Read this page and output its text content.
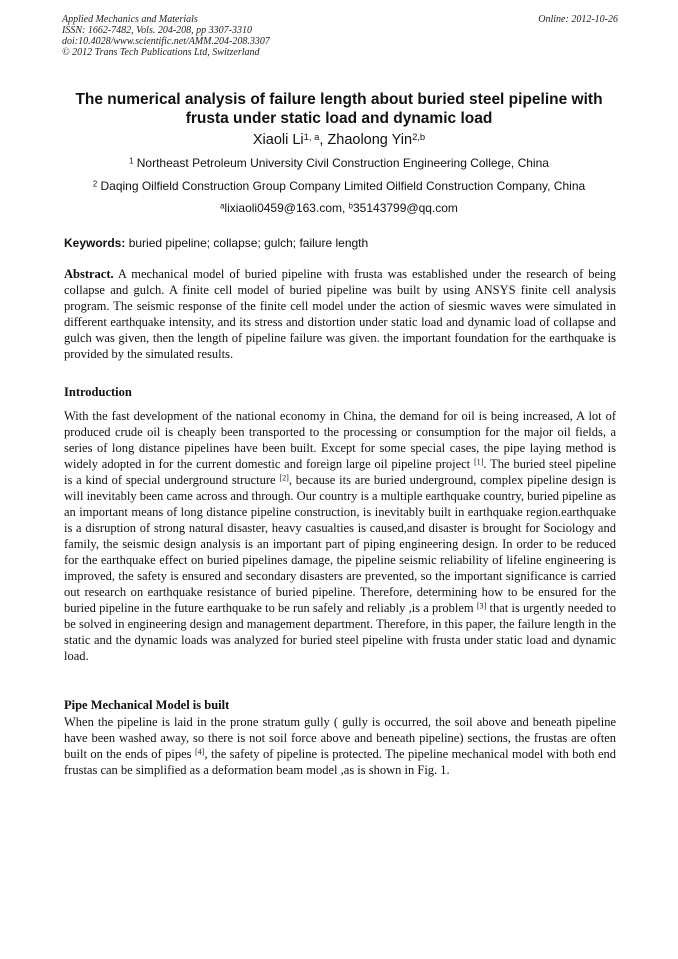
Applied Mechanics and Materials
ISSN: 1662-7482, Vols. 204-208, pp 3307-3310
doi:10.4028/www.scientific.net/AMM.204-208.3307
© 2012 Trans Tech Publications Ltd, Switzerland
Online: 2012-10-26
The numerical analysis of failure length about buried steel pipeline with
frusta under static load and dynamic load
Xiaoli Li$^{1, a}$, Zhaolong Yin$^{2,b}$
$^1$ Northeast Petroleum University Civil Construction Engineering College, China
$^2$ Daqing Oilfield Construction Group Company Limited Oilfield Construction Company, China
$^a$lixiaoli0459@163.com, $^b$35143799@qq.com
Keywords: buried pipeline; collapse; gulch; failure length
Abstract. A mechanical model of buried pipeline with frusta was established under the research of being collapse and gulch. A finite cell model of buried pipeline was built by using ANSYS finite cell analysis program. The seismic response of the finite cell model under the action of siesmic waves were simulated in different earthquake intensity, and its stress and distortion under static load and dynamic load of collapse and gulch was given, then the length of pipeline failure was given. the important foundation for the earthquake is provided by the simulated results.
Introduction
With the fast development of the national economy in China, the demand for oil is being increased, A lot of produced crude oil is cheaply been transported to the processing or consumption for the major oil fields, a series of long distance pipelines have been built. Except for some special cases, the pipe laying method is widely adopted in for the current domestic and foreign large oil pipeline project [1]. The buried steel pipeline is a kind of special underground structure [2], because its are buried underground, complex pipeline design is will inevitably been came across and through. Our country is a multiple earthquake country, buried pipeline as an important means of long distance pipeline construction, is inevitably built in earthquake region.earthquake is a disruption of strong natural disaster, heavy casualties is caused,and disaster is brought for Sociology and family, the seismic design analysis is an important part of piping engineering design. In order to be reduced for the earthquake effect on buried pipelines damage, the pipeline seismic reliability of lifeline engineering is improved, the safety is ensured and secondary disasters are prevented, so the important significance is carried out research on earthquake resistance of buried pipeline. Therefore, determining how to be ensured for the buried pipeline in the future earthquake to be run safely and reliably ,is a problem [3] that is urgently needed to be solved in engineering design and management department. Therefore, in this paper, the failure length in the static and the dynamic loads was analyzed for buried steel pipeline with frusta under static load and dynamic load.
Pipe Mechanical Model is built
When the pipeline is laid in the prone stratum gully ( gully is occurred, the soil above and beneath pipeline have been washed away, so there is not soil force above and beneath pipeline) sections, the frustas are often built on the ends of pipes [4], the safety of pipeline is protected. The pipeline mechanical model with both end frustas can be simplified as a deformation beam model ,as is shown in Fig. 1.
